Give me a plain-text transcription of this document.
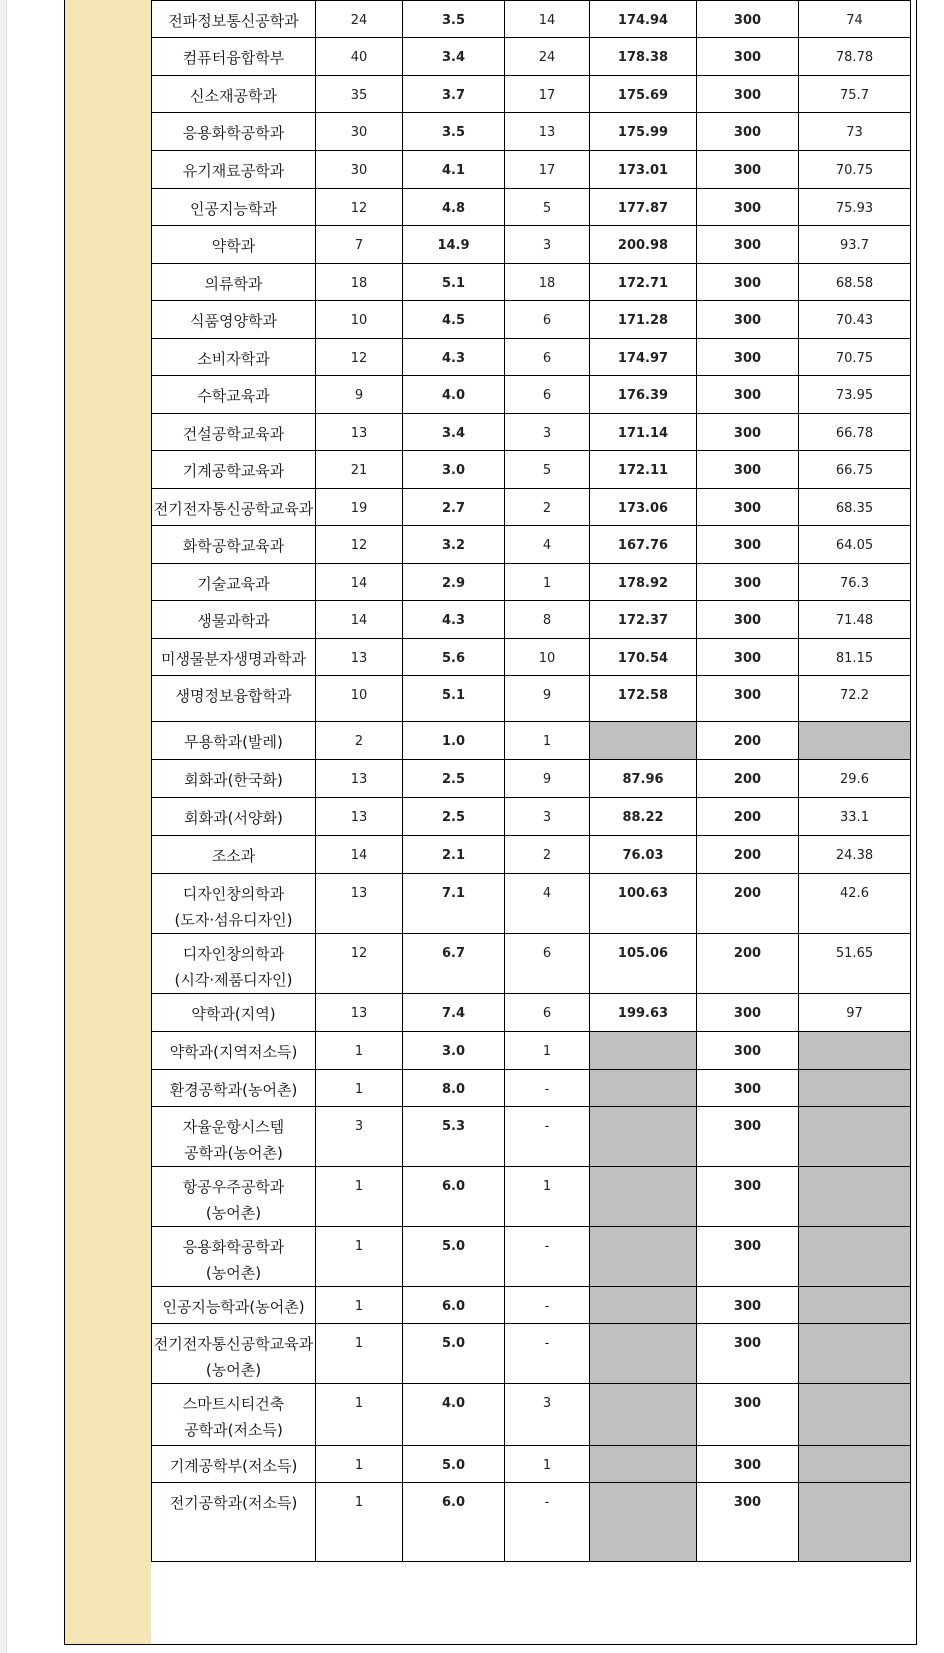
전파정보통신공학과	24	3.5	14	174.94	300	74

컴퓨터융합학부	40	3.4	24	178.38	300	78.78

신소재공학과	35	3.7	17	175.69	300	75.7

응용화학공학과	30	3.5	13	175.99	300	73

유기재료공학과	30	4.1	17	173.01	300	70.75

인공지능학과	12	4.8	5	177.87	300	75.93

약학과	7	14.9	3	200.98	300	93.7

의류학과	18	5.1	18	172.71	300	68.58

식품영양학과	10	4.5	6	171.28	300	70.43

소비자학과	12	4.3	6	174.97	300	70.75

수학교육과	9	4.0	6	176.39	300	73.95

건설공학교육과	13	3.4	3	171.14	300	66.78

기계공학교육과	21	3.0	5	172.11	300	66.75

전기전자통신공학교육과	19	2.7	2	173.06	300	68.35

화학공학교육과	12	3.2	4	167.76	300	64.05

기술교육과	14	2.9	1	178.92	300	76.3

생물과학과	14	4.3	8	172.37	300	71.48

미생물분자생명과학과	13	5.6	10	170.54	300	81.15

생명정보융합학과	10	5.1	9	172.58	300	72.2

무용학과(발레)	2	1.0	1		200	

회화과(한국화)	13	2.5	9	87.96	200	29.6

회화과(서양화)	13	2.5	3	88.22	200	33.1

조소과	14	2.1	2	76.03	200	24.38

디자인창의학과
(도자·섬유디자인)	13	7.1	4	100.63	200	42.6

디자인창의학과
(시각·제품디자인)	12	6.7	6	105.06	200	51.65

약학과(지역)	13	7.4	6	199.63	300	97

약학과(지역저소득)	1	3.0	1		300	

환경공학과(농어촌)	1	8.0	-		300	

자율운항시스템
공학과(농어촌)	3	5.3	-		300	

항공우주공학과
(농어촌)	1	6.0	1		300	

응용화학공학과
(농어촌)	1	5.0	-		300	

인공지능학과(농어촌)	1	6.0	-		300	

전기전자통신공학교육과
(농어촌)	1	5.0	-		300	

스마트시티건축
공학과(저소득)	1	4.0	3		300	

기계공학부(저소득)	1	5.0	1		300	

전기공학과(저소득)	1	6.0	-		300	
